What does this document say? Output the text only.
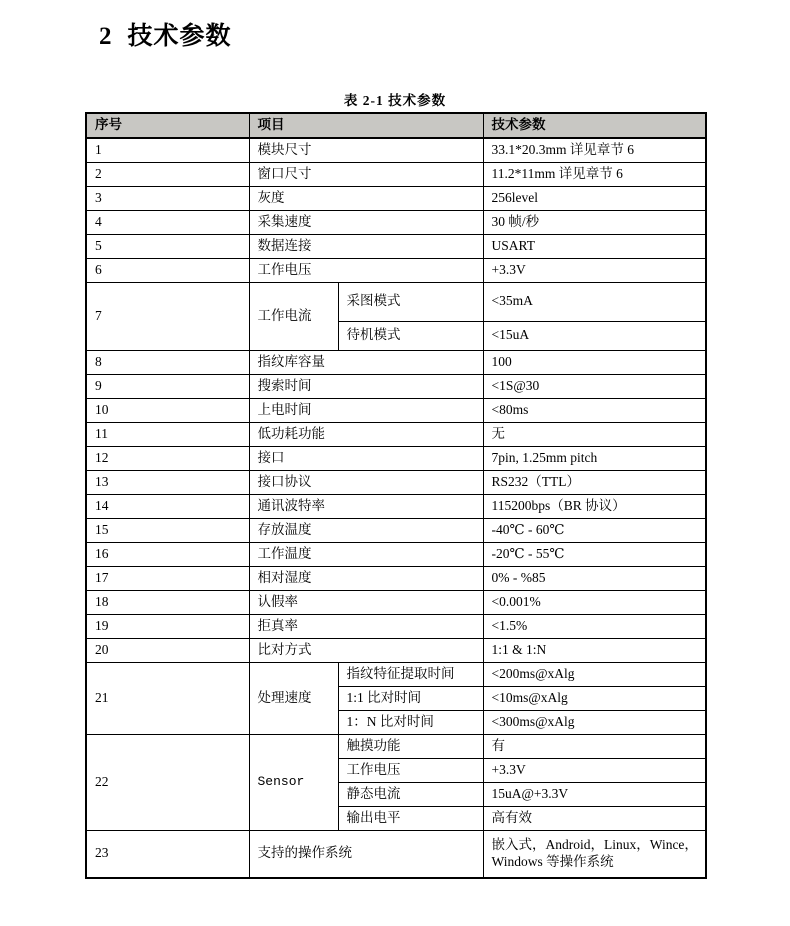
2 技术参数
表 2-1 技术参数
序号	项目		技术参数
1	模块尺寸		33.1*20.3mm 详见章节 6
2	窗口尺寸		11.2*11mm 详见章节 6
3	灰度		256level
4	采集速度		30 帧/秒
5	数据连接		USART
6	工作电压		+3.3V
7	工作电流	采图模式	<35mA
		待机模式	<15uA
8	指纹库容量		100
9	搜索时间		<1S@30
10	上电时间		<80ms
11	低功耗功能		无
12	接口		7pin, 1.25mm pitch
13	接口协议		RS232（TTL）
14	通讯波特率		115200bps（BR 协议）
15	存放温度		-40℃ - 60℃
16	工作温度		-20℃ - 55℃
17	相对湿度		0% - %85
18	认假率		<0.001%
19	拒真率		<1.5%
20	比对方式		1:1 & 1:N
21	处理速度	指纹特征提取时间	<200ms@xAlg
		1:1 比对时间	<10ms@xAlg
		1：N 比对时间	<300ms@xAlg
22	Sensor	触摸功能	有
		工作电压	+3.3V
		静态电流	15uA@+3.3V
		输出电平	高有效
23	支持的操作系统		嵌入式，Android，Linux，Wince，Windows 等操作系统
